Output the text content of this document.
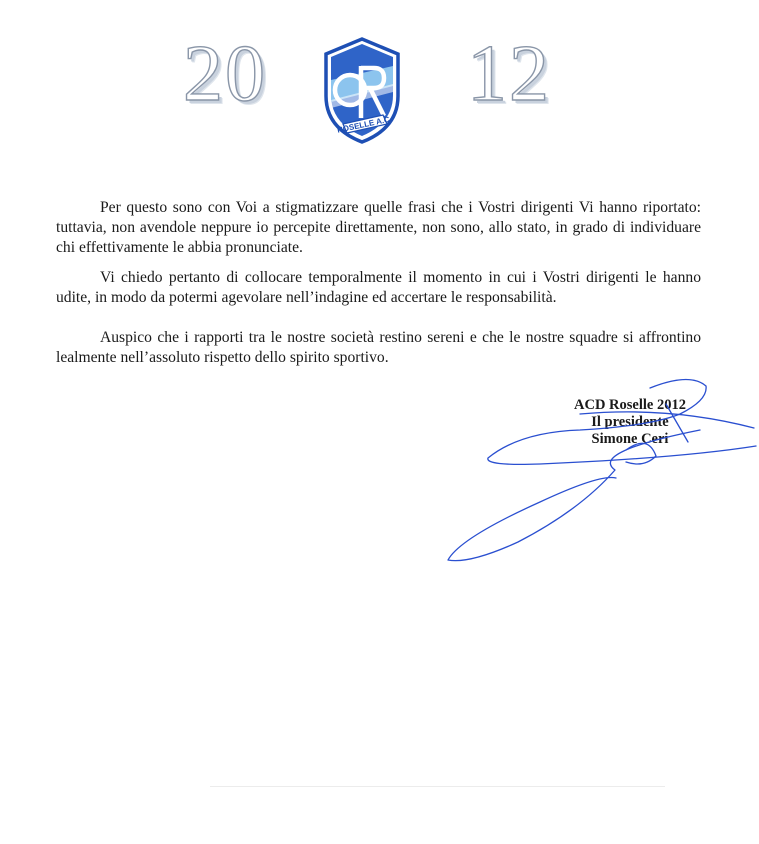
20
ROSELLE A.C.
12

Per questo sono con Voi a stigmatizzare quelle frasi che i Vostri dirigenti Vi hanno riportato: tuttavia, non avendole neppure io percepite direttamente, non sono, allo stato, in grado di individuare chi effettivamente le abbia pronunciate.

Vi chiedo pertanto di collocare temporalmente il momento in cui i Vostri dirigenti le hanno udite, in modo da potermi agevolare nell’indagine ed accertare le responsabilità.

Auspico che i rapporti tra le nostre società restino sereni e che le nostre squadre si affrontino lealmente nell’assoluto rispetto dello spirito sportivo.

ACD Roselle 2012
Il presidente
Simone Ceri
